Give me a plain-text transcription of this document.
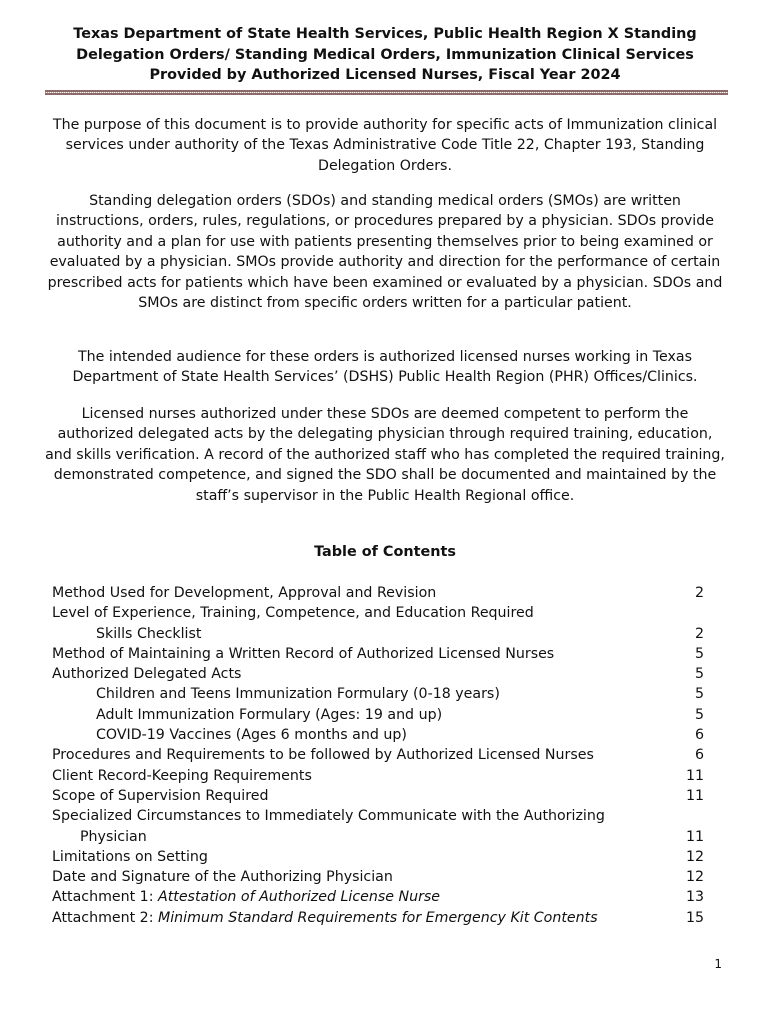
Texas Department of State Health Services, Public Health Region X Standing Delegation Orders/ Standing Medical Orders, Immunization Clinical Services Provided by Authorized Licensed Nurses, Fiscal Year 2024

The purpose of this document is to provide authority for specific acts of Immunization clinical services under authority of the Texas Administrative Code Title 22, Chapter 193, Standing Delegation Orders.

Standing delegation orders (SDOs) and standing medical orders (SMOs) are written instructions, orders, rules, regulations, or procedures prepared by a physician. SDOs provide authority and a plan for use with patients presenting themselves prior to being examined or evaluated by a physician. SMOs provide authority and direction for the performance of certain prescribed acts for patients which have been examined or evaluated by a physician. SDOs and SMOs are distinct from specific orders written for a particular patient.

The intended audience for these orders is authorized licensed nurses working in Texas Department of State Health Services’ (DSHS) Public Health Region (PHR) Offices/Clinics.

Licensed nurses authorized under these SDOs are deemed competent to perform the authorized delegated acts by the delegating physician through required training, education, and skills verification. A record of the authorized staff who has completed the required training, demonstrated competence, and signed the SDO shall be documented and maintained by the staff’s supervisor in the Public Health Regional office.

Table of Contents
Method Used for Development, Approval and Revision	2
Level of Experience, Training, Competence, and Education Required
Skills Checklist	2
Method of Maintaining a Written Record of Authorized Licensed Nurses	5
Authorized Delegated Acts	5
Children and Teens Immunization Formulary (0-18 years)	5
Adult Immunization Formulary (Ages: 19 and up)	5
COVID-19 Vaccines (Ages 6 months and up)	6
Procedures and Requirements to be followed by Authorized Licensed Nurses	6
Client Record-Keeping Requirements	11
Scope of Supervision Required	11
Specialized Circumstances to Immediately Communicate with the Authorizing
Physician	11
Limitations on Setting	12
Date and Signature of the Authorizing Physician	12
Attachment 1: Attestation of Authorized License Nurse	13
Attachment 2: Minimum Standard Requirements for Emergency Kit Contents	15
1
